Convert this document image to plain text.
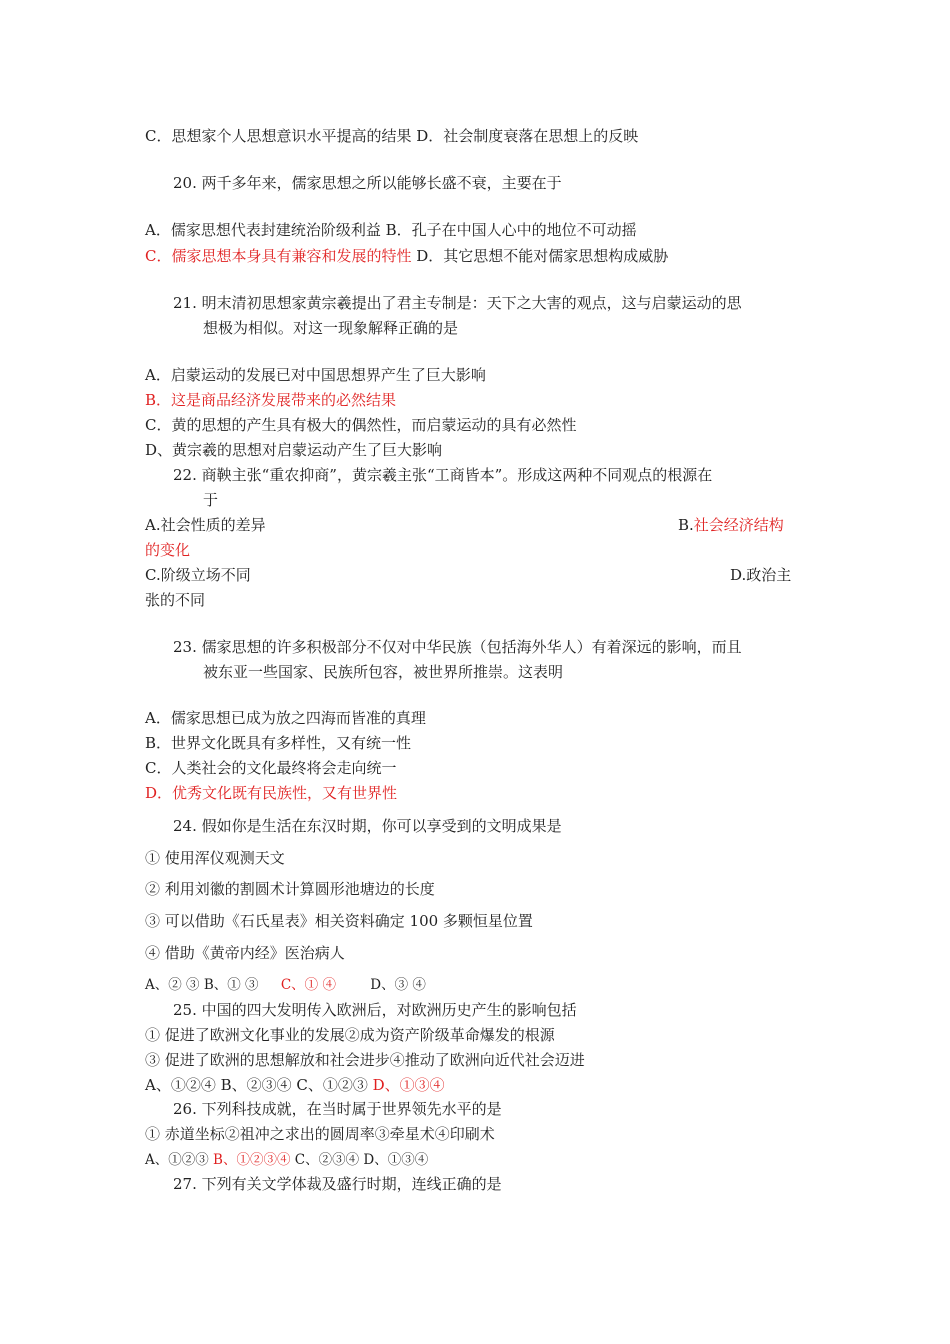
C．思想家个人思想意识水平提高的结果 D．社会制度衰落在思想上的反映
20. 两千多年来，儒家思想之所以能够长盛不衰，主要在于
A．儒家思想代表封建统治阶级利益 B．孔子在中国人心中的地位不可动摇
C．儒家思想本身具有兼容和发展的特性 D．其它思想不能对儒家思想构成威胁
21. 明末清初思想家黄宗羲提出了君主专制是：天下之大害的观点，这与启蒙运动的思
想极为相似。对这一现象解释正确的是
A．启蒙运动的发展已对中国思想界产生了巨大影响
B．这是商品经济发展带来的必然结果
C．黄的思想的产生具有极大的偶然性，而启蒙运动的具有必然性
D、黄宗羲的思想对启蒙运动产生了巨大影响
22. 商鞅主张“重农抑商”，黄宗羲主张“工商皆本”。形成这两种不同观点的根源在
于
A.社会性质的差异	B.社会经济结构
的变化
C.阶级立场不同	D.政治主
张的不同
23. 儒家思想的许多积极部分不仅对中华民族（包括海外华人）有着深远的影响，而且
被东亚一些国家、民族所包容，被世界所推崇。这表明
A．儒家思想已成为放之四海而皆准的真理
B．世界文化既具有多样性，又有统一性
C．人类社会的文化最终将会走向统一
D．优秀文化既有民族性，又有世界性
24. 假如你是生活在东汉时期，你可以享受到的文明成果是
① 使用浑仪观测天文
② 利用刘徽的割圆术计算圆形池塘边的长度
③ 可以借助《石氏星表》相关资料确定 100 多颗恒星位置
④ 借助《黄帝内经》医治病人
A、② ③ B、① ③ C、① ④	D、③ ④
25. 中国的四大发明传入欧洲后，对欧洲历史产生的影响包括
① 促进了欧洲文化事业的发展②成为资产阶级革命爆发的根源
③ 促进了欧洲的思想解放和社会进步④推动了欧洲向近代社会迈进
A、①②④ B、②③④ C、①②③ D、①③④
26. 下列科技成就，在当时属于世界领先水平的是
① 赤道坐标②祖冲之求出的圆周率③牵星术④印刷术
A、①②③ B、①②③④ C、②③④ D、①③④
27. 下列有关文学体裁及盛行时期，连线正确的是
